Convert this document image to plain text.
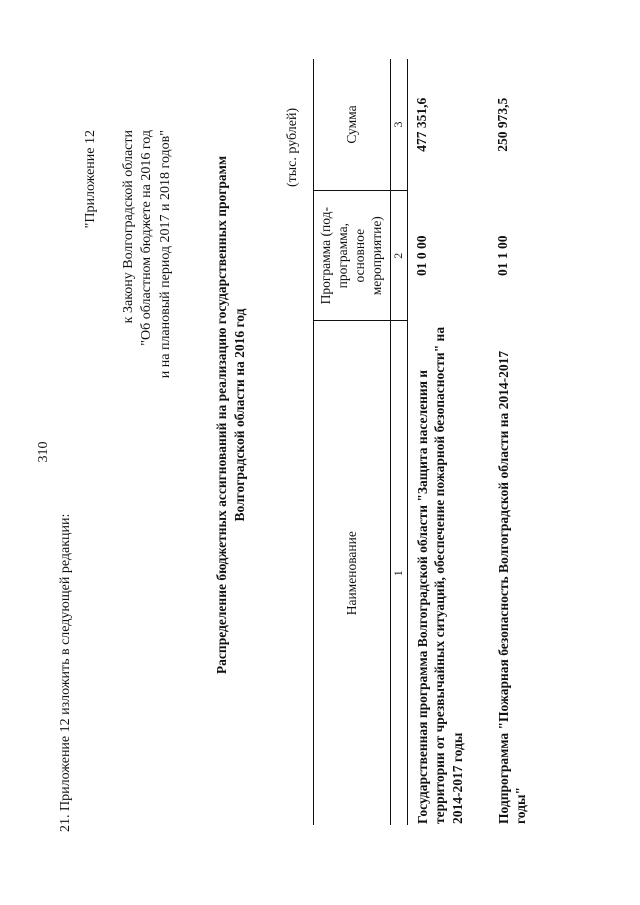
310
21. Приложение 12 изложить в следующей редакции:
"Приложение 12 к Закону Волгоградской области "Об областном бюджете на 2016 год и на плановый период 2017 и 2018 годов"	Распределение бюджетных ассигнований на реализацию государственных программ Волгоградской области на 2016 год
(тыс. рублей)
Наименование	Программа (под- программа, основное мероприятие)	Сумма
1	2	3
Государственная программа Волгоградской области "Защита населения и территории от чрезвычайных ситуаций, обеспечение пожарной безопасности" на 2014-2017 годы	01 0 00	477 351,6
Подпрограмма "Пожарная безопасность Волгоградской области на 2014-2017 годы"	01 1 00	250 973,5
